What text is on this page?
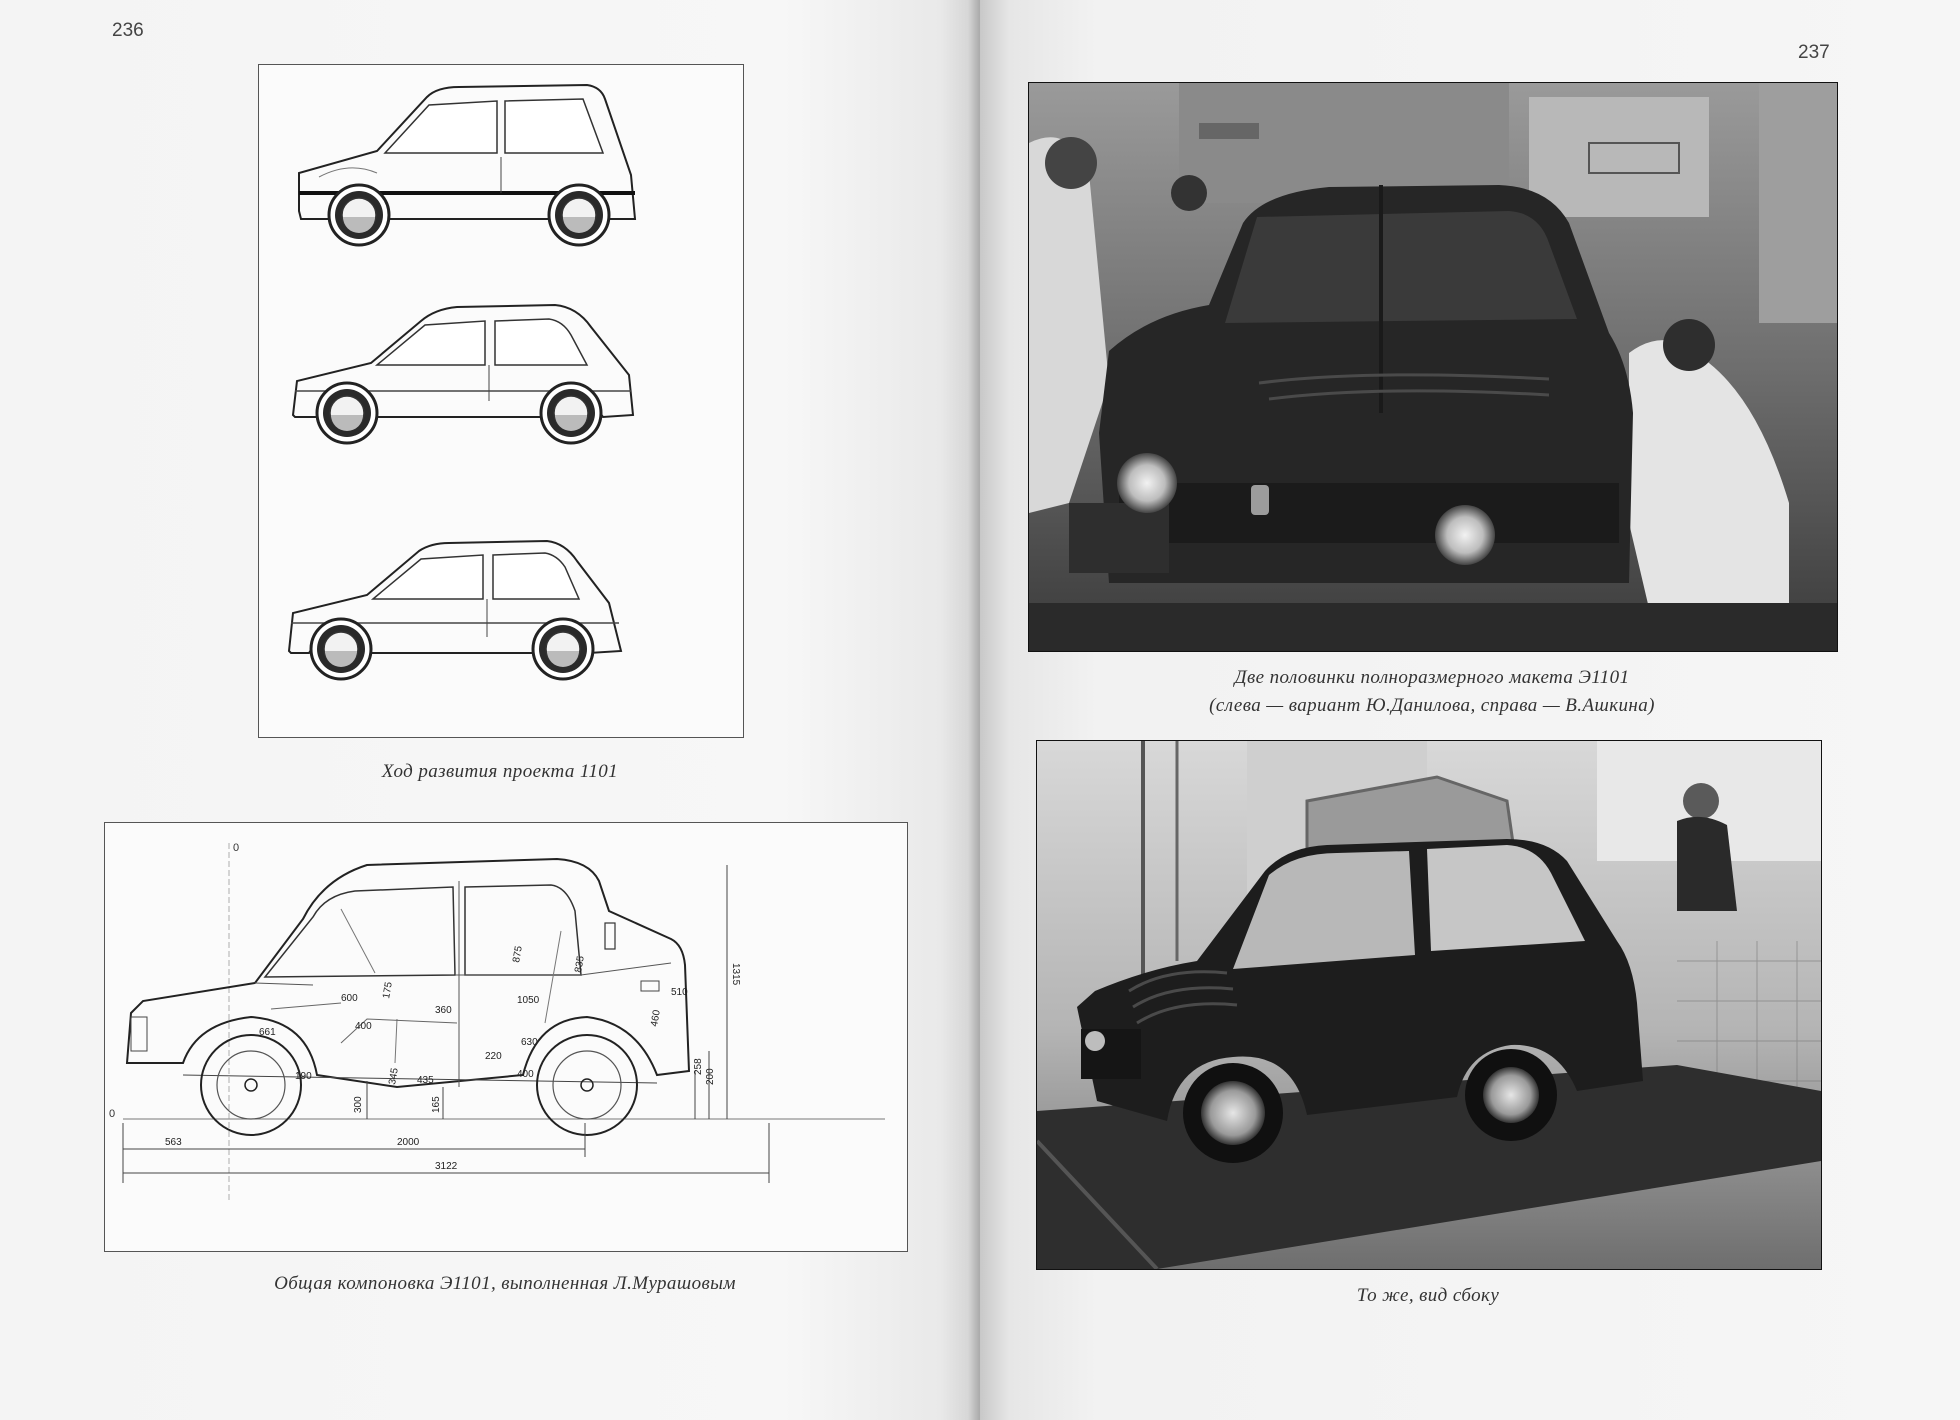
236
Ход развития проекта 1101
0
0
563	2000
3122
1315
258
200
300	165
600 175
360
1050
875
510
835
460
400
630
220
400
435
345
190
661
Общая компоновка Э1101, выполненная Л.Мурашовым
237
Две половинки полноразмерного макета Э1101
(слева — вариант Ю.Данилова, справа — В.Ашкина)
То же, вид сбоку
